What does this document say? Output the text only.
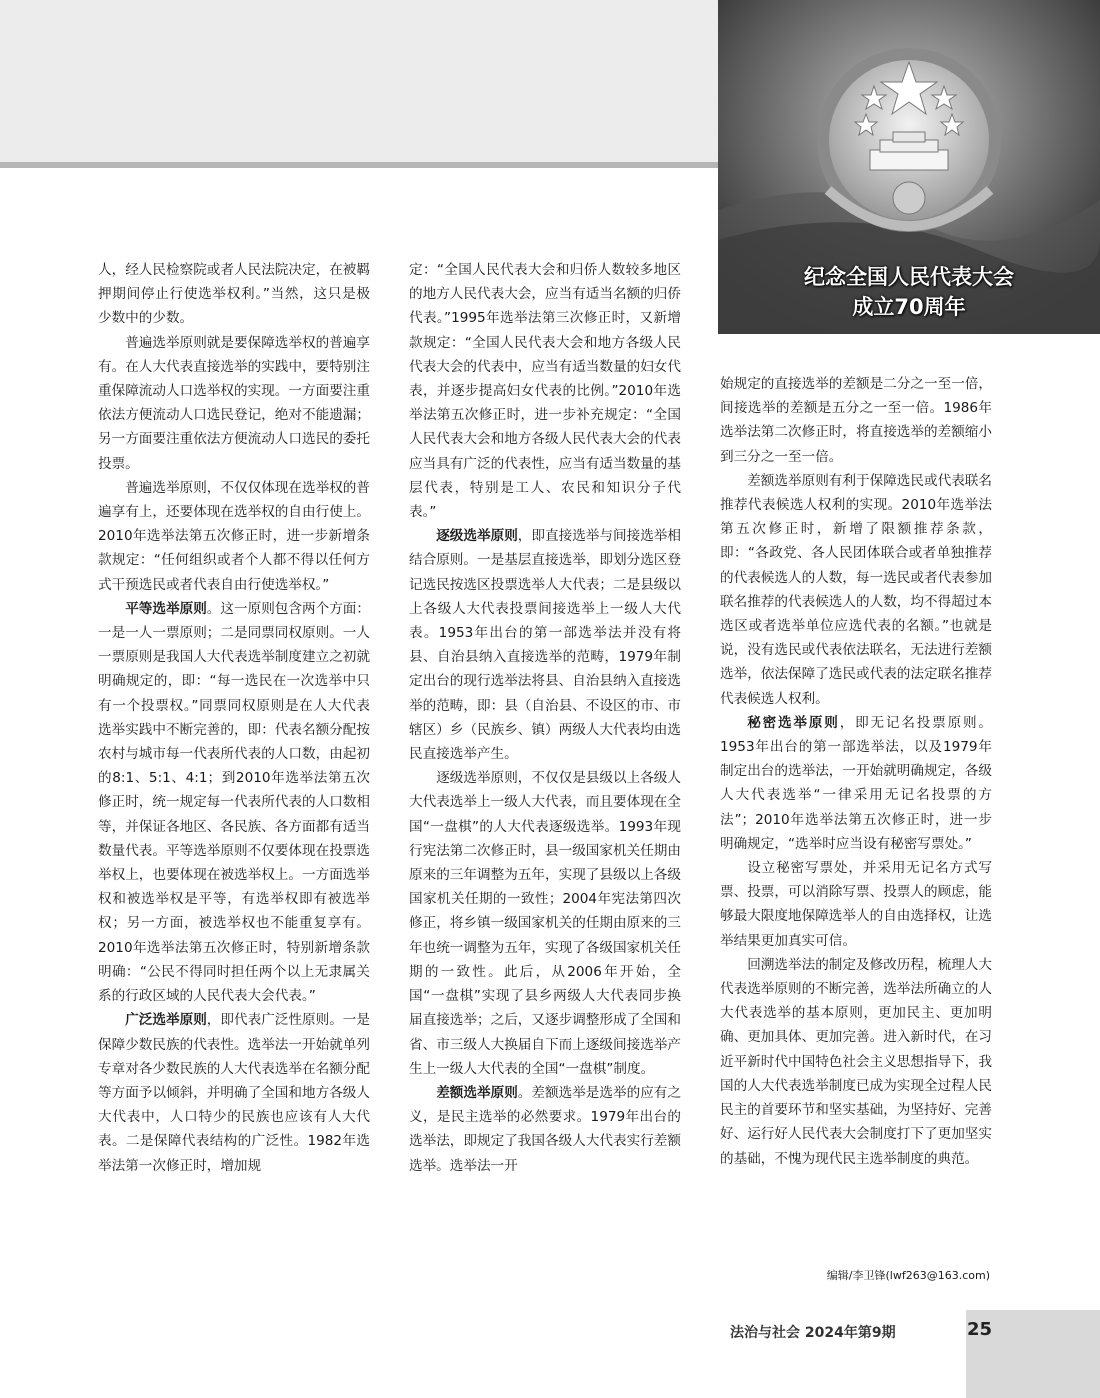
纪念全国人民代表大会
成立70周年

人，经人民检察院或者人民法院决定，在被羁押期间停止行使选举权利。”当然，这只是极少数中的少数。

普遍选举原则就是要保障选举权的普遍享有。在人大代表直接选举的实践中，要特别注重保障流动人口选举权的实现。一方面要注重依法方便流动人口选民登记，绝对不能遗漏；另一方面要注重依法方便流动人口选民的委托投票。

普遍选举原则，不仅仅体现在选举权的普遍享有上，还要体现在选举权的自由行使上。2010年选举法第五次修正时，进一步新增条款规定：“任何组织或者个人都不得以任何方式干预选民或者代表自由行使选举权。”

平等选举原则。这一原则包含两个方面：一是一人一票原则；二是同票同权原则。一人一票原则是我国人大代表选举制度建立之初就明确规定的，即：“每一选民在一次选举中只有一个投票权。”同票同权原则是在人大代表选举实践中不断完善的，即：代表名额分配按农村与城市每一代表所代表的人口数，由起初的8:1、5:1、4:1；到2010年选举法第五次修正时，统一规定每一代表所代表的人口数相等，并保证各地区、各民族、各方面都有适当数量代表。平等选举原则不仅要体现在投票选举权上，也要体现在被选举权上。一方面选举权和被选举权是平等，有选举权即有被选举权；另一方面，被选举权也不能重复享有。2010年选举法第五次修正时，特别新增条款明确：“公民不得同时担任两个以上无隶属关系的行政区域的人民代表大会代表。”

广泛选举原则，即代表广泛性原则。一是保障少数民族的代表性。选举法一开始就单列专章对各少数民族的人大代表选举在名额分配等方面予以倾斜，并明确了全国和地方各级人大代表中，人口特少的民族也应该有人大代表。二是保障代表结构的广泛性。1982年选举法第一次修正时，增加规

定：“全国人民代表大会和归侨人数较多地区的地方人民代表大会，应当有适当名额的归侨代表。”1995年选举法第三次修正时，又新增款规定：“全国人民代表大会和地方各级人民代表大会的代表中，应当有适当数量的妇女代表，并逐步提高妇女代表的比例。”2010年选举法第五次修正时，进一步补充规定：“全国人民代表大会和地方各级人民代表大会的代表应当具有广泛的代表性，应当有适当数量的基层代表，特别是工人、农民和知识分子代表。”

逐级选举原则，即直接选举与间接选举相结合原则。一是基层直接选举，即划分选区登记选民按选区投票选举人大代表；二是县级以上各级人大代表投票间接选举上一级人大代表。1953年出台的第一部选举法并没有将县、自治县纳入直接选举的范畴，1979年制定出台的现行选举法将县、自治县纳入直接选举的范畴，即：县（自治县、不设区的市、市辖区）乡（民族乡、镇）两级人大代表均由选民直接选举产生。

逐级选举原则，不仅仅是县级以上各级人大代表选举上一级人大代表，而且要体现在全国“一盘棋”的人大代表逐级选举。1993年现行宪法第二次修正时，县一级国家机关任期由原来的三年调整为五年，实现了县级以上各级国家机关任期的一致性；2004年宪法第四次修正，将乡镇一级国家机关的任期由原来的三年也统一调整为五年，实现了各级国家机关任期的一致性。此后，从2006年开始，全国“一盘棋”实现了县乡两级人大代表同步换届直接选举；之后，又逐步调整形成了全国和省、市三级人大换届自下而上逐级间接选举产生上一级人大代表的全国“一盘棋”制度。

差额选举原则。差额选举是选举的应有之义，是民主选举的必然要求。1979年出台的选举法，即规定了我国各级人大代表实行差额选举。选举法一开

始规定的直接选举的差额是二分之一至一倍，间接选举的差额是五分之一至一倍。1986年选举法第二次修正时，将直接选举的差额缩小到三分之一至一倍。

差额选举原则有利于保障选民或代表联名推荐代表候选人权利的实现。2010年选举法第五次修正时，新增了限额推荐条款，即：“各政党、各人民团体联合或者单独推荐的代表候选人的人数，每一选民或者代表参加联名推荐的代表候选人的人数，均不得超过本选区或者选举单位应选代表的名额。”也就是说，没有选民或代表依法联名，无法进行差额选举，依法保障了选民或代表的法定联名推荐代表候选人权利。

秘密选举原则，即无记名投票原则。1953年出台的第一部选举法，以及1979年制定出台的选举法，一开始就明确规定，各级人大代表选举“一律采用无记名投票的方法”；2010年选举法第五次修正时，进一步明确规定，“选举时应当设有秘密写票处。”

设立秘密写票处，并采用无记名方式写票、投票，可以消除写票、投票人的顾虑，能够最大限度地保障选举人的自由选择权，让选举结果更加真实可信。

回溯选举法的制定及修改历程，梳理人大代表选举原则的不断完善，选举法所确立的人大代表选举的基本原则，更加民主、更加明确、更加具体、更加完善。进入新时代，在习近平新时代中国特色社会主义思想指导下，我国的人大代表选举制度已成为实现全过程人民民主的首要环节和坚实基础，为坚持好、完善好、运行好人民代表大会制度打下了更加坚实的基础，不愧为现代民主选举制度的典范。

编辑/李卫锋(lwf263@163.com)
法治与社会 2024年第9期	25
